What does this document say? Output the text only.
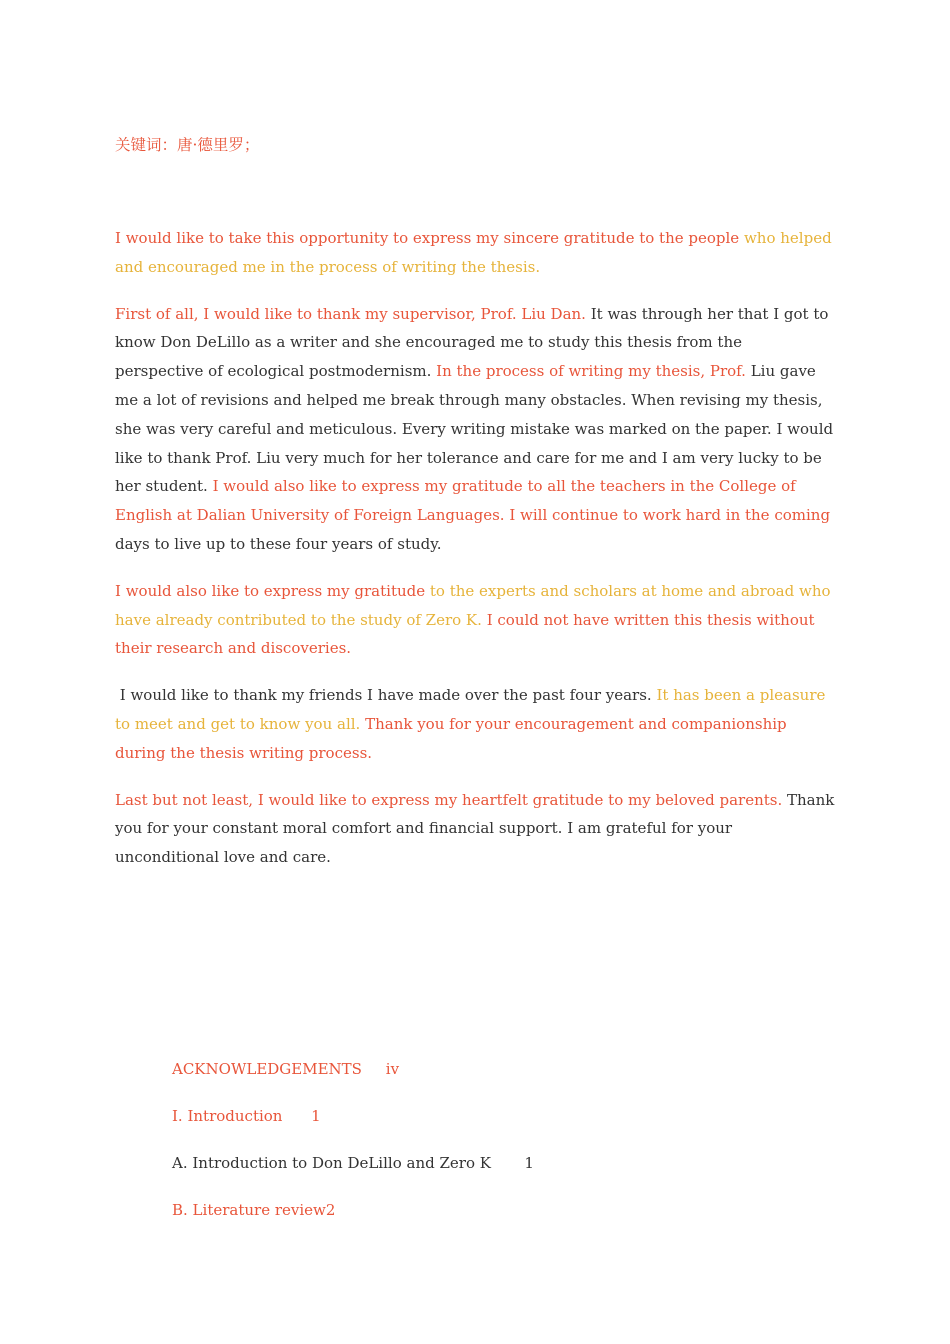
关键词：唐·德里罗；

I would like to take this opportunity to express my sincere gratitude to the people who helped and encouraged me in the process of writing the thesis.

First of all, I would like to thank my supervisor, Prof. Liu Dan. It was through her that I got to know Don DeLillo as a writer and she encouraged me to study this thesis from the perspective of ecological postmodernism. In the process of writing my thesis, Prof. Liu gave me a lot of revisions and helped me break through many obstacles. When revising my thesis, she was very careful and meticulous. Every writing mistake was marked on the paper. I would like to thank Prof. Liu very much for her tolerance and care for me and I am very lucky to be her student. I would also like to express my gratitude to all the teachers in the College of English at Dalian University of Foreign Languages. I will continue to work hard in the coming days to live up to these four years of study.

I would also like to express my gratitude to the experts and scholars at home and abroad who have already contributed to the study of Zero K. I could not have written this thesis without their research and discoveries.

I would like to thank my friends I have made over the past four years. It has been a pleasure to meet and get to know you all. Thank you for your encouragement and companionship during the thesis writing process.

Last but not least, I would like to express my heartfelt gratitude to my beloved parents. Thank you for your constant moral comfort and financial support. I am grateful for your unconditional love and care.

ACKNOWLEDGEMENTS     iv
I. Introduction      1
A. Introduction to Don DeLillo and Zero K       1
B. Literature review2
